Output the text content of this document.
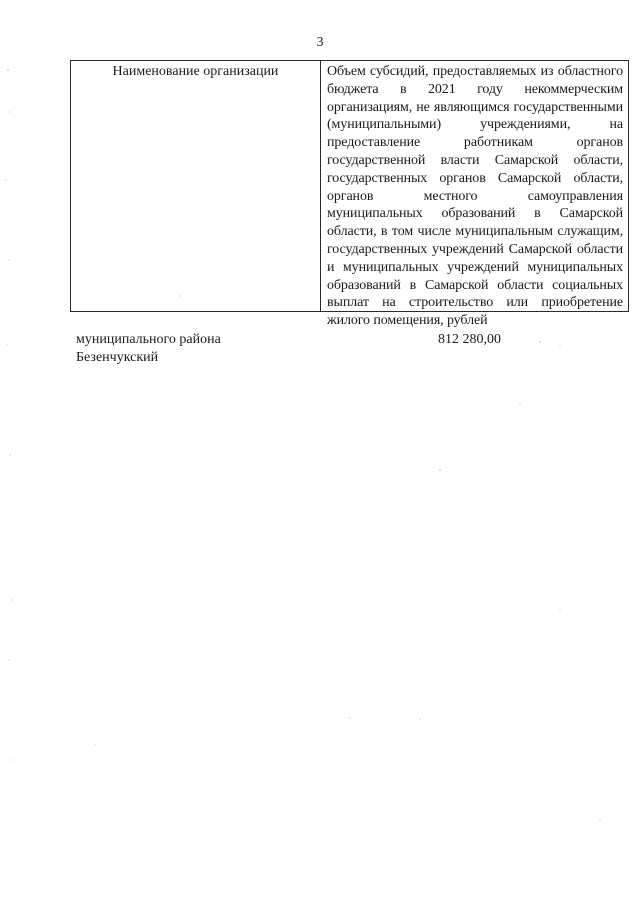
3
Наименование организации	Объем субсидий, предоставляемых из областного бюджета в 2021 году некоммерческим организациям, не являющимся государственными (муниципальными) учреждениями, на предоставление работникам органов государственной власти Самарской области, государственных органов Самарской области, органов местного самоуправления муниципальных образований в Самарской области, в том числе муниципальным служащим, государственных учреждений Самарской области и муниципальных учреждений муниципальных образований в Самарской области социальных выплат на строительство или приобретение жилого помещения, рублей
муниципального района
Безенчукский
812 280,00
